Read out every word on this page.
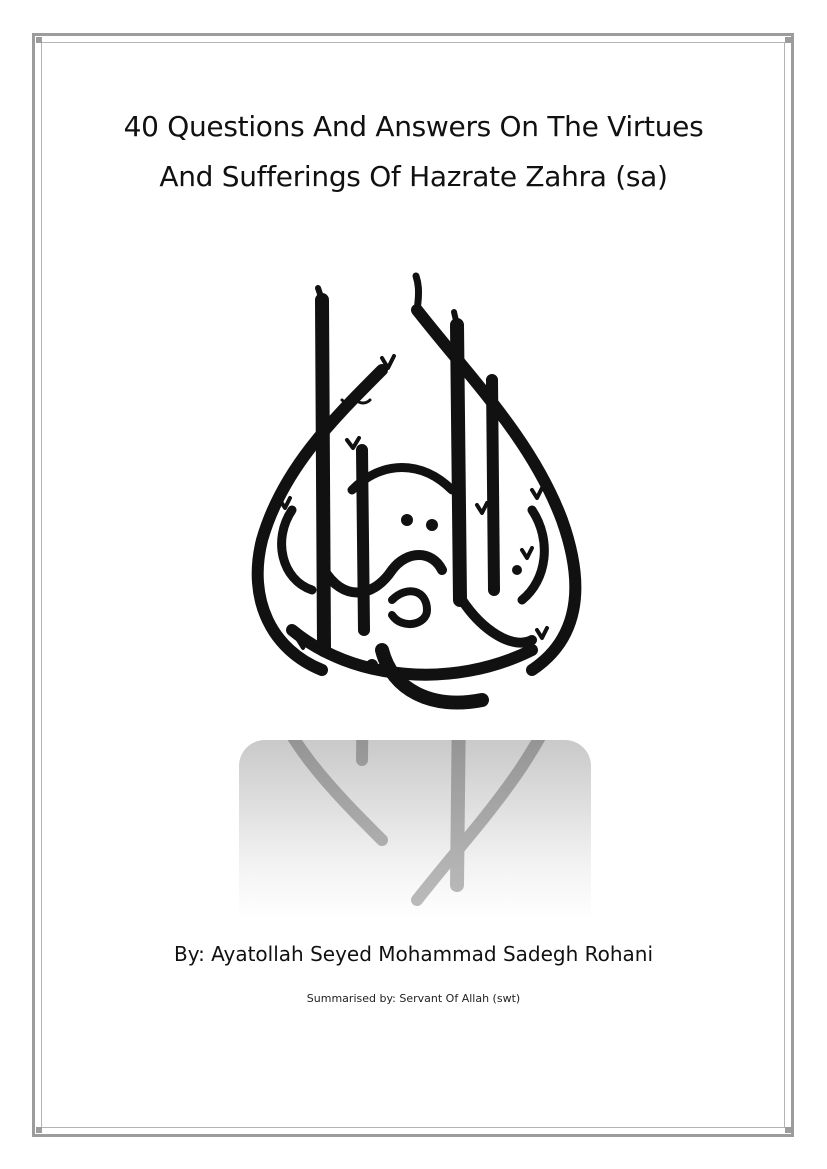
40 Questions And Answers On The Virtues
And Sufferings Of Hazrate Zahra (sa)
By: Ayatollah Seyed Mohammad Sadegh Rohani
Summarised by: Servant Of Allah (swt)
